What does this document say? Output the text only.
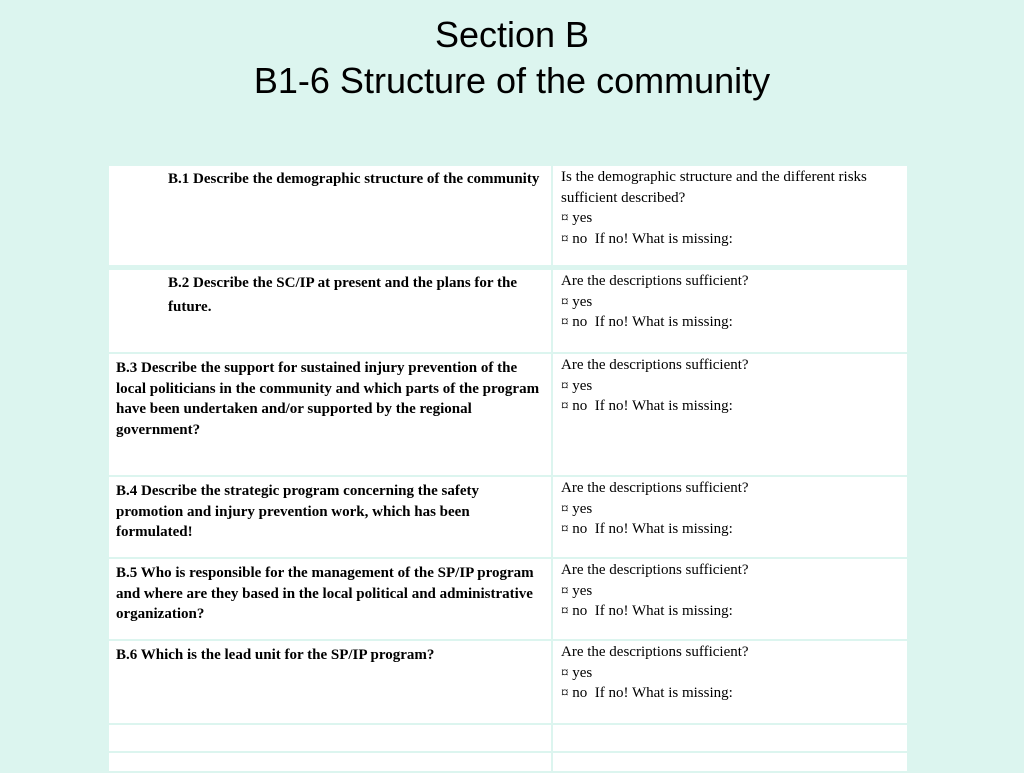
Section B
B1-6 Structure of the community
B.1 Describe the demographic structure of the community	Is the demographic structure and the different risks sufficient described?
¤ yes
¤ no  If no! What is missing:
B.2 Describe the SC/IP at present and the plans for the future.
Are the descriptions sufficient?
¤ yes
¤ no  If no! What is missing:
B.3 Describe the support for sustained injury prevention of the local politicians in the community and which parts of the program have been undertaken and/or supported by the regional government?
Are the descriptions sufficient?
¤ yes
¤ no  If no! What is missing:
B.4 Describe the strategic program concerning the safety promotion and injury prevention work, which has been formulated!
Are the descriptions sufficient?
¤ yes
¤ no  If no! What is missing:
B.5 Who is responsible for the management of the SP/IP program and where are they based in the local political and administrative organization?
Are the descriptions sufficient?
¤ yes
¤ no  If no! What is missing:
B.6 Which is the lead unit for the SP/IP program?	Are the descriptions sufficient?
¤ yes
¤ no  If no! What is missing:
